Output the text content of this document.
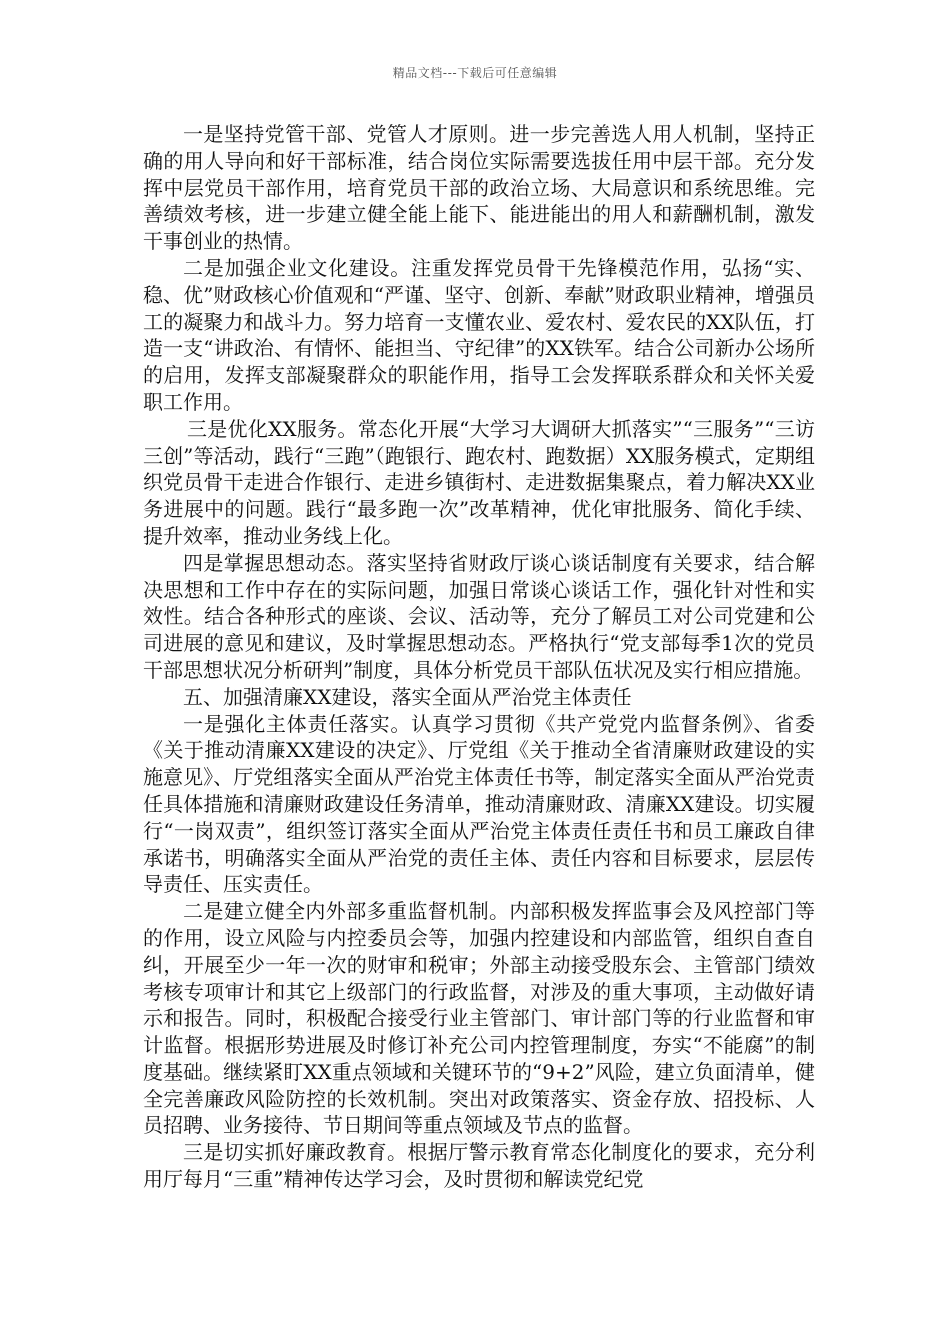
精品文档---下载后可任意编辑

一是坚持党管干部、党管人才原则。进一步完善选人用人机制，坚持正确的用人导向和好干部标准，结合岗位实际需要选拔任用中层干部。充分发挥中层党员干部作用，培育党员干部的政治立场、大局意识和系统思维。完善绩效考核，进一步建立健全能上能下、能进能出的用人和薪酬机制，激发干事创业的热情。

二是加强企业文化建设。注重发挥党员骨干先锋模范作用，弘扬“实、稳、优”财政核心价值观和“严谨、坚守、创新、奉献”财政职业精神，增强员工的凝聚力和战斗力。努力培育一支懂农业、爱农村、爱农民的XX队伍，打造一支“讲政治、有情怀、能担当、守纪律”的XX铁军。结合公司新办公场所的启用，发挥支部凝聚群众的职能作用，指导工会发挥联系群众和关怀关爱职工作用。

三是优化XX服务。常态化开展“大学习大调研大抓落实”“三服务”“三访三创”等活动，践行“三跑”（跑银行、跑农村、跑数据）XX服务模式，定期组织党员骨干走进合作银行、走进乡镇街村、走进数据集聚点，着力解决XX业务进展中的问题。践行“最多跑一次”改革精神，优化审批服务、简化手续、提升效率，推动业务线上化。

四是掌握思想动态。落实坚持省财政厅谈心谈话制度有关要求，结合解决思想和工作中存在的实际问题，加强日常谈心谈话工作，强化针对性和实效性。结合各种形式的座谈、会议、活动等，充分了解员工对公司党建和公司进展的意见和建议，及时掌握思想动态。严格执行“党支部每季1次的党员干部思想状况分析研判”制度，具体分析党员干部队伍状况及实行相应措施。

五、加强清廉XX建设，落实全面从严治党主体责任

一是强化主体责任落实。认真学习贯彻《共产党党内监督条例》、省委《关于推动清廉XX建设的决定》、厅党组《关于推动全省清廉财政建设的实施意见》、厅党组落实全面从严治党主体责任书等，制定落实全面从严治党责任具体措施和清廉财政建设任务清单，推动清廉财政、清廉XX建设。切实履行“一岗双责”，组织签订落实全面从严治党主体责任责任书和员工廉政自律承诺书，明确落实全面从严治党的责任主体、责任内容和目标要求，层层传导责任、压实责任。

二是建立健全内外部多重监督机制。内部积极发挥监事会及风控部门等的作用，设立风险与内控委员会等，加强内控建设和内部监管，组织自查自纠，开展至少一年一次的财审和税审；外部主动接受股东会、主管部门绩效考核专项审计和其它上级部门的行政监督，对涉及的重大事项，主动做好请示和报告。同时，积极配合接受行业主管部门、审计部门等的行业监督和审计监督。根据形势进展及时修订补充公司内控管理制度，夯实“不能腐”的制度基础。继续紧盯XX重点领域和关键环节的“9+2”风险，建立负面清单，健全完善廉政风险防控的长效机制。突出对政策落实、资金存放、招投标、人员招聘、业务接待、节日期间等重点领域及节点的监督。

三是切实抓好廉政教育。根据厅警示教育常态化制度化的要求，充分利用厅每月“三重”精神传达学习会，及时贯彻和解读党纪党
